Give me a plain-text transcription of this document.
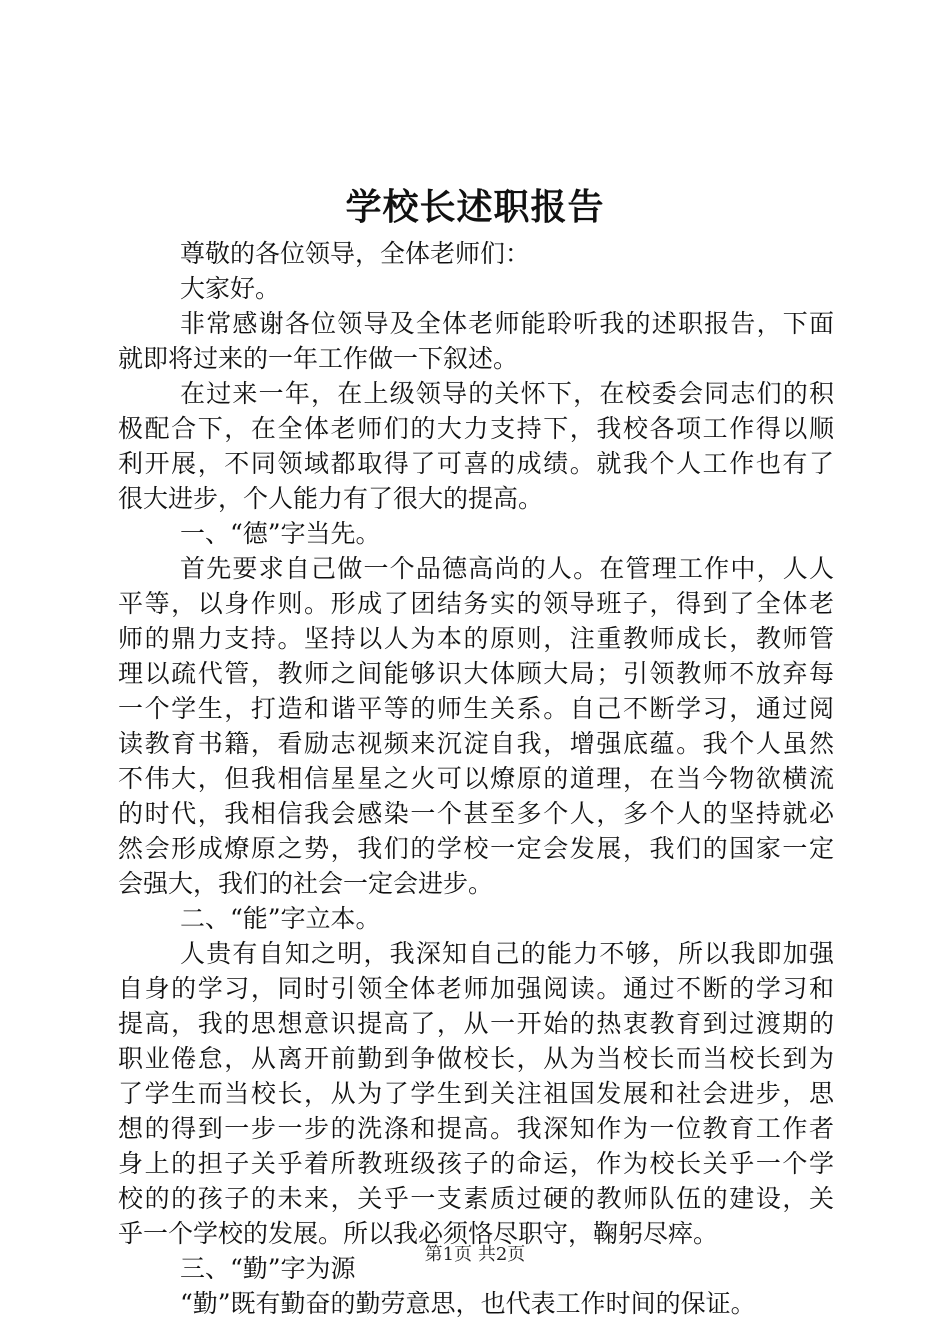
学校长述职报告
尊敬的各位领导，全体老师们：
大家好。
非常感谢各位领导及全体老师能聆听我的述职报告，下面
就即将过来的一年工作做一下叙述。
在过来一年，在上级领导的关怀下，在校委会同志们的积
极配合下，在全体老师们的大力支持下，我校各项工作得以顺
利开展，不同领域都取得了可喜的成绩。就我个人工作也有了
很大进步，个人能力有了很大的提高。
一、“德”字当先。
首先要求自己做一个品德高尚的人。在管理工作中，人人
平等，以身作则。形成了团结务实的领导班子，得到了全体老
师的鼎力支持。坚持以人为本的原则，注重教师成长，教师管
理以疏代管，教师之间能够识大体顾大局；引领教师不放弃每
一个学生，打造和谐平等的师生关系。自己不断学习，通过阅
读教育书籍，看励志视频来沉淀自我，增强底蕴。我个人虽然
不伟大，但我相信星星之火可以燎原的道理，在当今物欲横流
的时代，我相信我会感染一个甚至多个人，多个人的坚持就必
然会形成燎原之势，我们的学校一定会发展，我们的国家一定
会强大，我们的社会一定会进步。
二、“能”字立本。
人贵有自知之明，我深知自己的能力不够，所以我即加强
自身的学习，同时引领全体老师加强阅读。通过不断的学习和
提高，我的思想意识提高了，从一开始的热衷教育到过渡期的
职业倦怠，从离开前勤到争做校长，从为当校长而当校长到为
了学生而当校长，从为了学生到关注祖国发展和社会进步，思
想的得到一步一步的洗涤和提高。我深知作为一位教育工作者
身上的担子关乎着所教班级孩子的命运，作为校长关乎一个学
校的的孩子的未来，关乎一支素质过硬的教师队伍的建设，关
乎一个学校的发展。所以我必须恪尽职守，鞠躬尽瘁。
三、“勤”字为源
“勤”既有勤奋的勤劳意思，也代表工作时间的保证。
第1页 共2页
